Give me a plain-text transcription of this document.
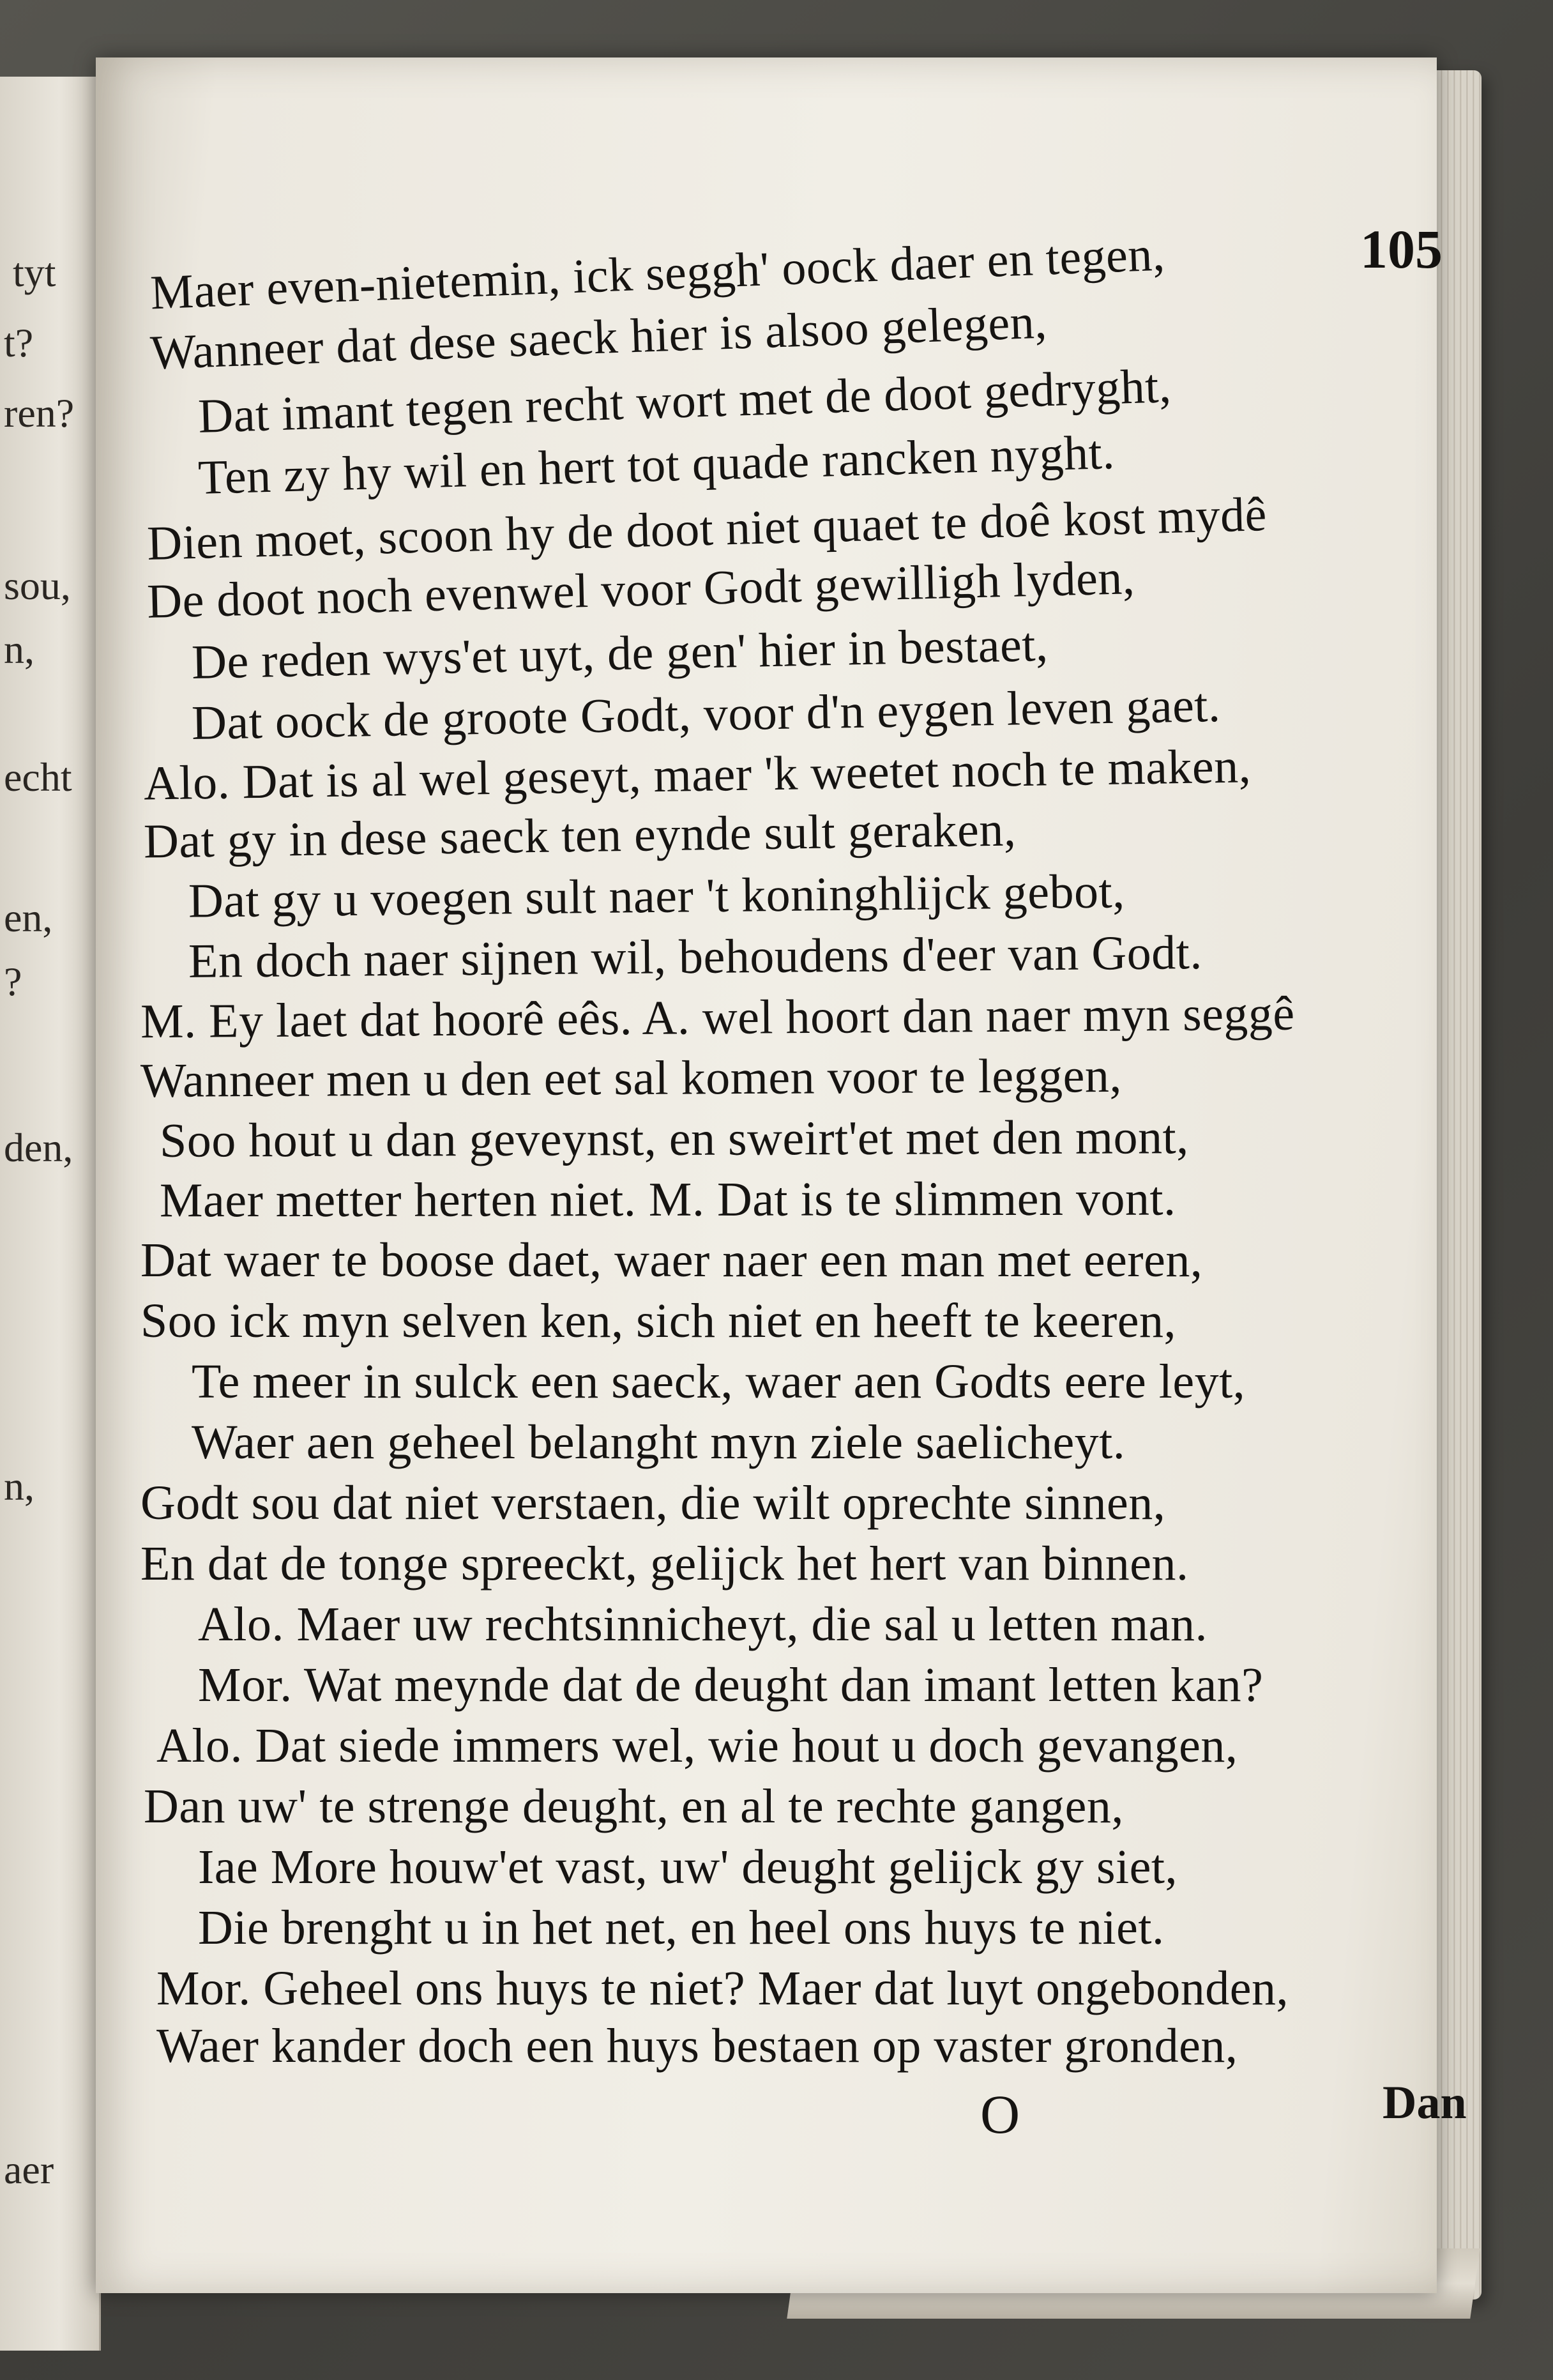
tyt
t?
ren?
sou,
n,
echt
en,
?
den,
n,
aer
105
Maer even-nietemin, ick seggh' oock daer en tegen,
Wanneer dat dese saeck hier is alsoo gelegen,
Dat imant tegen recht wort met de doot gedryght,
Ten zy hy wil en hert tot quade rancken nyght.
Dien moet, scoon hy de doot niet quaet te doê kost mydê
De doot noch evenwel voor Godt gewilligh lyden,
De reden wys'et uyt, de gen' hier in bestaet,
Dat oock de groote Godt, voor d'n eygen leven gaet.
Alo. Dat is al wel geseyt, maer 'k weetet noch te maken,
Dat gy in dese saeck ten eynde sult geraken,
Dat gy u voegen sult naer 't koninghlijck gebot,
En doch naer sijnen wil, behoudens d'eer van Godt.
M. Ey laet dat hoorê eês. A. wel hoort dan naer myn seggê
Wanneer men u den eet sal komen voor te leggen,
Soo hout u dan geveynst, en sweirt'et met den mont,
Maer metter herten niet. M. Dat is te slimmen vont.
Dat waer te boose daet, waer naer een man met eeren,
Soo ick myn selven ken, sich niet en heeft te keeren,
Te meer in sulck een saeck, waer aen Godts eere leyt,
Waer aen geheel belanght myn ziele saelicheyt.
Godt sou dat niet verstaen, die wilt oprechte sinnen,
En dat de tonge spreeckt, gelijck het hert van binnen.
Alo. Maer uw rechtsinnicheyt, die sal u letten man.
Mor. Wat meynde dat de deught dan imant letten kan?
Alo. Dat siede immers wel, wie hout u doch gevangen,
Dan uw' te strenge deught, en al te rechte gangen,
Iae More houw'et vast, uw' deught gelijck gy siet,
Die brenght u in het net, en heel ons huys te niet.
Mor. Geheel ons huys te niet? Maer dat luyt ongebonden,
Waer kander doch een huys bestaen op vaster gronden,
O	Dan
